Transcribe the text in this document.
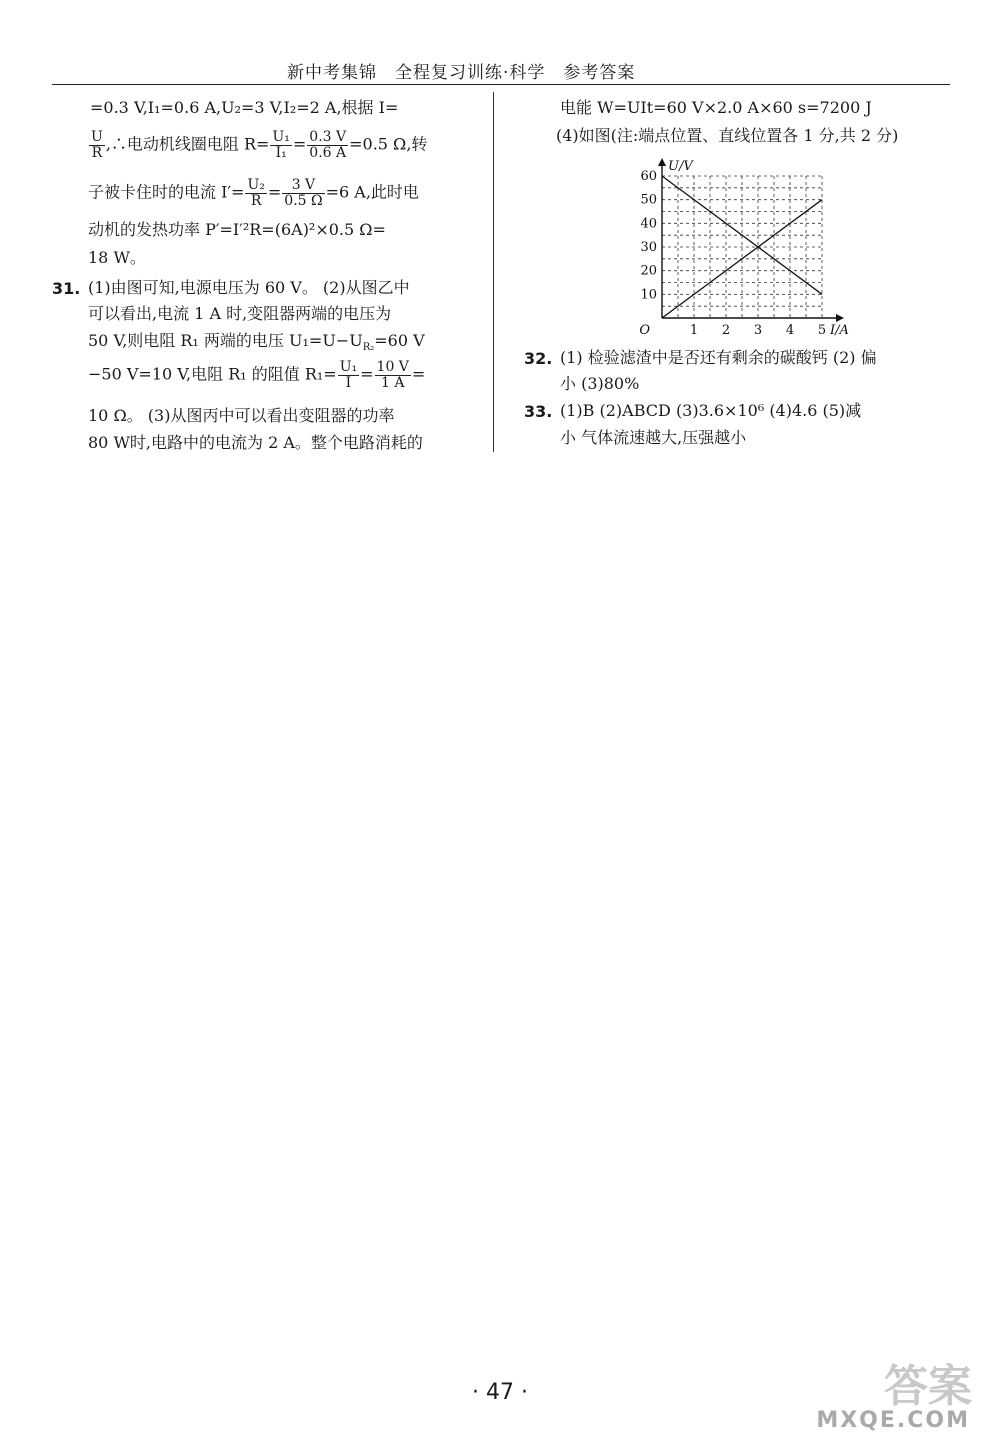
新中考集锦　全程复习训练·科学　参考答案
=0.3 V,I₁=0.6 A,U₂=3 V,I₂=2 A,根据 I=
$\frac{U}{R}$ ,∴电动机线圈电阻 $R= \frac{\text{U₁}}{\text{I₁}} = \frac{0.3 V}{0.6 A} =0.5$ Ω,转
子被卡住时的电流 $I'= \frac{\text{U₂}}{R} = \frac{3 V}{0.5 \Omega} =6$ A,此时电
动机的发热功率 P′=I′²R=(6A)²×0.5 Ω=
18 W。
31. (1)由图可知,电源电压为 60 V。 (2)从图乙中
可以看出,电流 1 A 时,变阻器两端的电压为
50 V,则电阻 R₁ 两端的电压 $U_1=U-U_{R_2}=60$ V
−50 V=10 V,电阻 R₁ 的阻值 $R_1= \frac{\text{U₁}}{I} = \frac{10 V}{1 A}$ =
10 Ω。 (3)从图丙中可以看出变阻器的功率
80 W时,电路中的电流为 2 A。整个电路消耗的
电能 W=UIt=60 V×2.0 A×60 s=7200 J
(4)如图(注:端点位置、直线位置各 1 分,共 2 分)
1 2 3 4 5
10
20
30
40
50
60
O	I/A
U/V
32. (1) 检验滤渣中是否还有剩余的碳酸钙 (2) 偏
小 (3)80%
33. (1)B (2)ABCD (3)3.6×10⁶ (4)4.6 (5)减
小 气体流速越大,压强越小
· 47 ·	答案
MXQE.COM
